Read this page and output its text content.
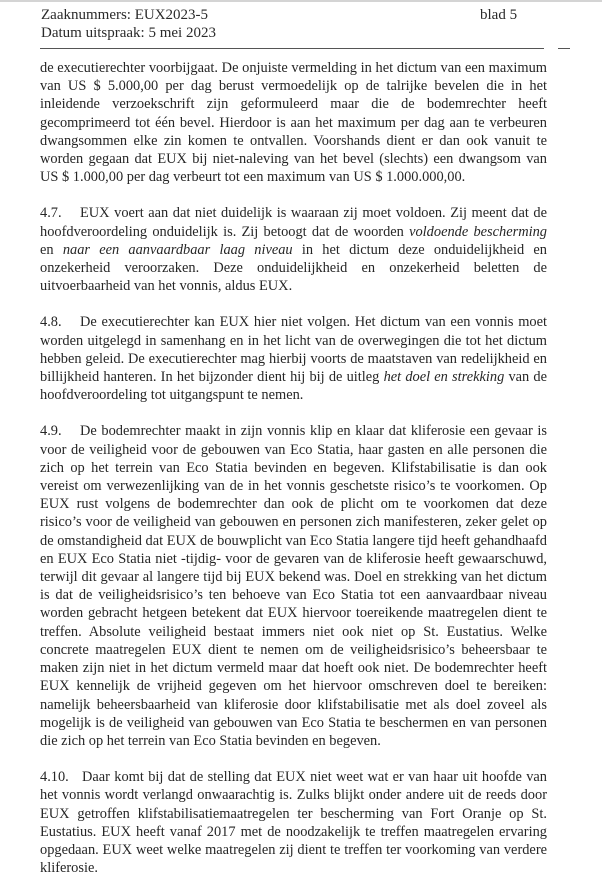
Zaaknummers: EUX2023-5
Datum uitspraak: 5 mei 2023
blad 5

de executierechter voorbijgaat. De onjuiste vermelding in het dictum van een maximum van US $ 5.000,00 per dag berust vermoedelijk op de talrijke bevelen die in het inleidende verzoekschrift zijn geformuleerd maar die de bodemrechter heeft gecomprimeerd tot één bevel. Hierdoor is aan het maximum per dag aan te verbeuren dwangsommen elke zin komen te ontvallen. Voorshands dient er dan ook vanuit te worden gegaan dat EUX bij niet-naleving van het bevel (slechts) een dwangsom van US $ 1.000,00 per dag verbeurt tot een maximum van US $ 1.000.000,00.

4.7. EUX voert aan dat niet duidelijk is waaraan zij moet voldoen. Zij meent dat de hoofdveroordeling onduidelijk is. Zij betoogt dat de woorden voldoende bescherming en naar een aanvaardbaar laag niveau in het dictum deze onduidelijkheid en onzekerheid veroorzaken. Deze onduidelijkheid en onzekerheid beletten de uitvoerbaarheid van het vonnis, aldus EUX.

4.8. De executierechter kan EUX hier niet volgen. Het dictum van een vonnis moet worden uitgelegd in samenhang en in het licht van de overwegingen die tot het dictum hebben geleid. De executierechter mag hierbij voorts de maatstaven van redelijkheid en billijkheid hanteren. In het bijzonder dient hij bij de uitleg het doel en strekking van de hoofdveroordeling tot uitgangspunt te nemen.

4.9. De bodemrechter maakt in zijn vonnis klip en klaar dat kliferosie een gevaar is voor de veiligheid voor de gebouwen van Eco Statia, haar gasten en alle personen die zich op het terrein van Eco Statia bevinden en begeven. Klifstabilisatie is dan ook vereist om verwezenlijking van de in het vonnis geschetste risico’s te voorkomen. Op EUX rust volgens de bodemrechter dan ook de plicht om te voorkomen dat deze risico’s voor de veiligheid van gebouwen en personen zich manifesteren, zeker gelet op de omstandigheid dat EUX de bouwplicht van Eco Statia langere tijd heeft gehandhaafd en EUX Eco Statia niet -tijdig- voor de gevaren van de kliferosie heeft gewaarschuwd, terwijl dit gevaar al langere tijd bij EUX bekend was. Doel en strekking van het dictum is dat de veiligheidsrisico’s ten behoeve van Eco Statia tot een aanvaardbaar niveau worden gebracht hetgeen betekent dat EUX hiervoor toereikende maatregelen dient te treffen. Absolute veiligheid bestaat immers niet ook niet op St. Eustatius. Welke concrete maatregelen EUX dient te nemen om de veiligheidsrisico’s beheersbaar te maken zijn niet in het dictum vermeld maar dat hoeft ook niet. De bodemrechter heeft EUX kennelijk de vrijheid gegeven om het hiervoor omschreven doel te bereiken: namelijk beheersbaarheid van kliferosie door klifstabilisatie met als doel zoveel als mogelijk is de veiligheid van gebouwen van Eco Statia te beschermen en van personen die zich op het terrein van Eco Statia bevinden en begeven.

4.10. Daar komt bij dat de stelling dat EUX niet weet wat er van haar uit hoofde van het vonnis wordt verlangd onwaarachtig is. Zulks blijkt onder andere uit de reeds door EUX getroffen klifstabilisatiemaatregelen ter bescherming van Fort Oranje op St. Eustatius. EUX heeft vanaf 2017 met de noodzakelijk te treffen maatregelen ervaring opgedaan. EUX weet welke maatregelen zij dient te treffen ter voorkoming van verdere kliferosie.
